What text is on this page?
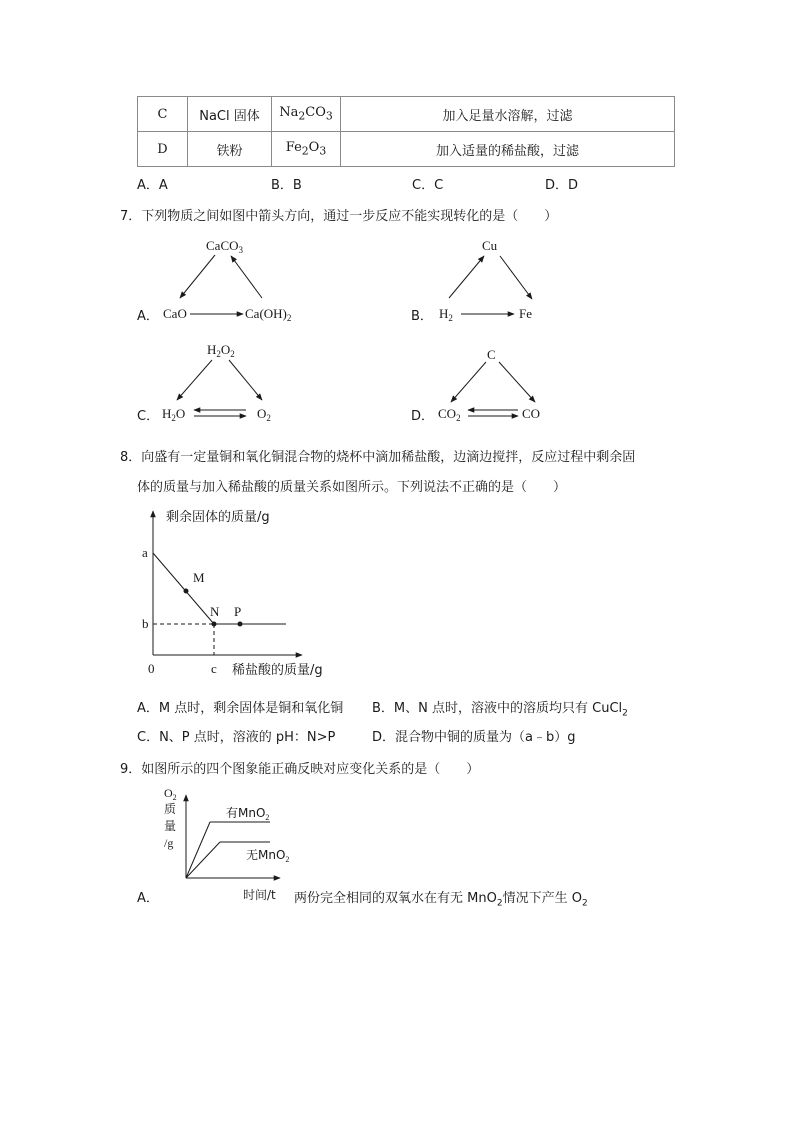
C	NaCl 固体	$Na_2CO_3$	加入足量水溶解，过滤
D	铁粉	$Fe_2O_3$	加入适量的稀盐酸，过滤
A．A	B．B	C．C	D．D
7．下列物质之间如图中箭头方向，通过一步反应不能实现转化的是（　　）
A．
CaCO$_3$
CaO	$Ca(OH)_2$	B．
Cu
$H_2$	Fe
C．
$H_2O_2$
$H_2O$	$O_2$	D．
C
$CO_2$	CO
剩余固体的质量/g
稀盐酸的质量/g
0
a
b
c
M
N P
$O_2$
质
量
/g
有MnO$_2$
无MnO$_2$
时间/t
8．向盛有一定量铜和氧化铜混合物的烧杯中滴加稀盐酸，边滴边搅拌，反应过程中剩余固
体的质量与加入稀盐酸的质量关系如图所示。下列说法不正确的是（　　）
A．M 点时，剩余固体是铜和氧化铜 B．M、N 点时，溶液中的溶质均只有 CuCl$_2$
C．N、P 点时，溶液的 pH：N>P	D．混合物中铜的质量为（a﹣b）g
9．如图所示的四个图象能正确反映对应变化关系的是（　　）
A．	两份完全相同的双氧水在有无 MnO$_2$情况下产生 $O_2$
